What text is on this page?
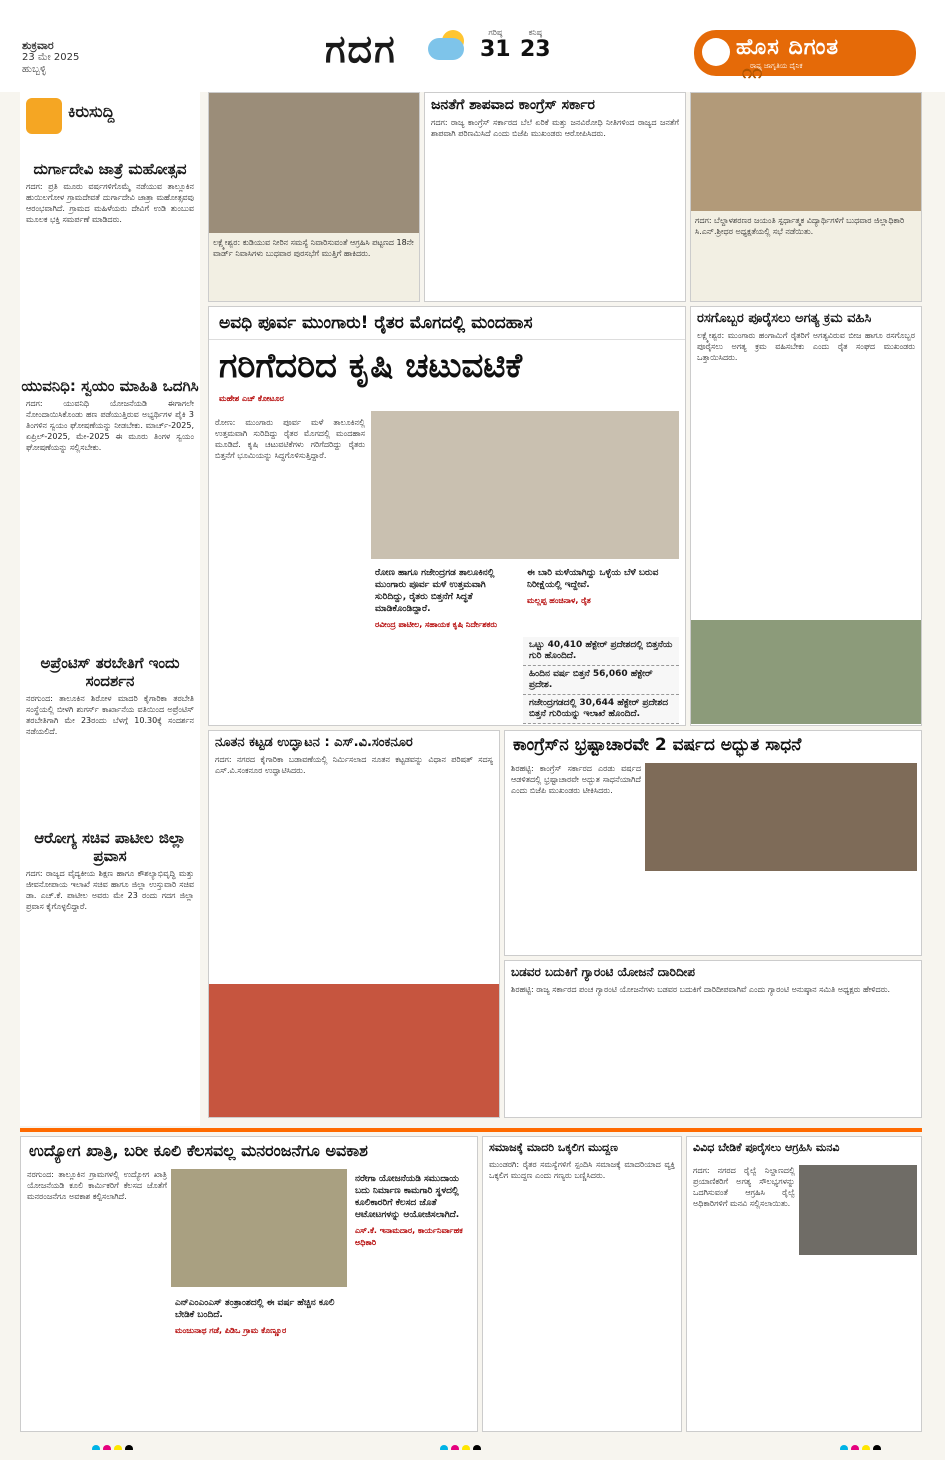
ಶುಕ್ರವಾರ
23 ಮೇ 2025
ಹುಬ್ಬಳ್ಳಿ	ಗದಗ	ಗರಿಷ್ಠ
31
ಕನಿಷ್ಠ
23	ಹೊಸ ದಿಗಂತ
ರಾಷ್ಟ್ರ ಜಾಗೃತಿಯ ದೈನಿಕ
೧೧
ಕಿರುಸುದ್ದಿ
ದುರ್ಗಾದೇವಿ ಜಾತ್ರೆ ಮಹೋತ್ಸವ
ಗದಗ: ಪ್ರತಿ ಮೂರು ವರ್ಷಗಳಿಗೊಮ್ಮೆ ನಡೆಯುವ ತಾಲ್ಲೂಕಿನ ಹುಯಿಲಗೋಳ ಗ್ರಾಮದೇವತೆ ದುರ್ಗಾದೇವಿ ಜಾತ್ರಾ ಮಹೋತ್ಸವವು ಆರಂಭವಾಗಿದೆ. ಗ್ರಾಮದ ಮಹಿಳೆಯರು ದೇವಿಗೆ ಉಡಿ ತುಂಬುವ ಮೂಲಕ ಭಕ್ತಿ ಸಮರ್ಪಣೆ ಮಾಡಿದರು.
ಯುವನಿಧಿ: ಸ್ವಯಂ ಮಾಹಿತಿ ಒದಗಿಸಿ
ಗದಗ: ಯುವನಿಧಿ ಯೋಜನೆಯಡಿ ಈಗಾಗಲೇ ನೋಂದಾಯಿಸಿಕೊಂಡು ಹಣ ಪಡೆಯುತ್ತಿರುವ ಅಭ್ಯರ್ಥಿಗಳ ಪೈಕಿ 3 ತಿಂಗಳಿನ ಸ್ವಯಂ ಘೋಷಣೆಯನ್ನು ನೀಡಬೇಕು. ಮಾರ್ಚ್-2025, ಏಪ್ರಿಲ್-2025, ಮೇ-2025 ಈ ಮೂರು ತಿಂಗಳ ಸ್ವಯಂ ಘೋಷಣೆಯನ್ನು ಸಲ್ಲಿಸಬೇಕು.
ಅಪ್ರೆಂಟಿಸ್ ತರಬೇತಿಗೆ ಇಂದು ಸಂದರ್ಶನ
ನರಗುಂದ: ತಾಲೂಕಿನ ಶಿರೋಳ ಮಾದರಿ ಕೈಗಾರಿಕಾ ತರಬೇತಿ ಸಂಸ್ಥೆಯಲ್ಲಿ ಬೀಳಗಿ ಶುಗರ್ಸ್ ಕಾರ್ಖಾನೆಯ ವತಿಯಿಂದ ಅಪ್ರೆಂಟಿಸ್ ತರಬೇತಿಗಾಗಿ ಮೇ 23ರಂದು ಬೆಳಗ್ಗೆ 10.30ಕ್ಕೆ ಸಂದರ್ಶನ ನಡೆಯಲಿದೆ.
ಆರೋಗ್ಯ ಸಚಿವ ಪಾಟೀಲ ಜಿಲ್ಲಾ ಪ್ರವಾಸ
ಗದಗ: ರಾಜ್ಯದ ವೈದ್ಯಕೀಯ ಶಿಕ್ಷಣ ಹಾಗೂ ಕೌಶಲ್ಯಾಭಿವೃದ್ಧಿ ಮತ್ತು ಜೀವನೋಪಾಯ ಇಲಾಖೆ ಸಚಿವ ಹಾಗೂ ಜಿಲ್ಲಾ ಉಸ್ತುವಾರಿ ಸಚಿವ ಡಾ. ಎಚ್.ಕೆ. ಪಾಟೀಲ ಅವರು ಮೇ 23 ರಂದು ಗದಗ ಜಿಲ್ಲಾ ಪ್ರವಾಸ ಕೈಗೊಳ್ಳಲಿದ್ದಾರೆ.
ಲಕ್ಷ್ಮೇಶ್ವರ: ಕುಡಿಯುವ ನೀರಿನ ಸಮಸ್ಯೆ ನಿವಾರಿಸುವಂತೆ ಆಗ್ರಹಿಸಿ ಪಟ್ಟಣದ 18ನೇ ವಾರ್ಡ್ ನಿವಾಸಿಗಳು ಬುಧವಾರ ಪುರಸಭೆಗೆ ಮುತ್ತಿಗೆ ಹಾಕಿದರು.
ಜನತೆಗೆ ಶಾಪವಾದ ಕಾಂಗ್ರೆಸ್ ಸರ್ಕಾರ
ಗದಗ: ರಾಜ್ಯ ಕಾಂಗ್ರೆಸ್ ಸರ್ಕಾರದ ಬೆಲೆ ಏರಿಕೆ ಮತ್ತು ಜನವಿರೋಧಿ ನೀತಿಗಳಿಂದ ರಾಜ್ಯದ ಜನತೆಗೆ ಶಾಪವಾಗಿ ಪರಿಣಮಿಸಿದೆ ಎಂದು ಬಿಜೆಪಿ ಮುಖಂಡರು ಆರೋಪಿಸಿದರು.
ಗದಗ: ಬೆಲ್ದಾಳಶರಣರ ಜಯಂತಿ ಸ್ಪರ್ಧಾತ್ಮಕ ವಿದ್ಯಾರ್ಥಿಗಳಿಗೆ ಬುಧವಾರ ಜಿಲ್ಲಾಧಿಕಾರಿ ಸಿ.ಎನ್.ಶ್ರೀಧರ ಅಧ್ಯಕ್ಷತೆಯಲ್ಲಿ ಸಭೆ ನಡೆಯಿತು.
ಅವಧಿ ಪೂರ್ವ ಮುಂಗಾರು! ರೈತರ ಮೊಗದಲ್ಲಿ ಮಂದಹಾಸ
ಗರಿಗೆದರಿದ ಕೃಷಿ ಚಟುವಟಿಕೆ
ಮಹೇಶ ಎಚ್ ಕೋಟೂರ
ರೋಣ: ಮುಂಗಾರು ಪೂರ್ವ ಮಳೆ ತಾಲೂಕಿನಲ್ಲಿ ಉತ್ತಮವಾಗಿ ಸುರಿದಿದ್ದು ರೈತರ ಮೊಗದಲ್ಲಿ ಮಂದಹಾಸ ಮೂಡಿದೆ. ಕೃಷಿ ಚಟುವಟಿಕೆಗಳು ಗರಿಗೆದರಿದ್ದು ರೈತರು ಬಿತ್ತನೆಗೆ ಭೂಮಿಯನ್ನು ಸಿದ್ಧಗೊಳಿಸುತ್ತಿದ್ದಾರೆ.
ರೋಣ ಹಾಗೂ ಗಜೇಂದ್ರಗಡ ತಾಲೂಕಿನಲ್ಲಿ ಮುಂಗಾರು ಪೂರ್ವ ಮಳೆ ಉತ್ತಮವಾಗಿ ಸುರಿದಿದ್ದು, ರೈತರು ಬಿತ್ತನೆಗೆ ಸಿದ್ಧತೆ ಮಾಡಿಕೊಂಡಿದ್ದಾರೆ.
ರವೀಂದ್ರ ಪಾಟೀಲ, ಸಹಾಯಕ ಕೃಷಿ ನಿರ್ದೇಶಕರು
ಈ ಬಾರಿ ಮಳೆಯಾಗಿದ್ದು ಒಳ್ಳೆಯ ಬೆಳೆ ಬರುವ ನಿರೀಕ್ಷೆಯಲ್ಲಿ ಇದ್ದೇವೆ.
ಮಲ್ಲಪ್ಪ ಹಂಚಿನಾಳ, ರೈತ
ಒಟ್ಟು 40,410 ಹೆಕ್ಟೇರ್ ಪ್ರದೇಶದಲ್ಲಿ ಬಿತ್ತನೆಯ ಗುರಿ ಹೊಂದಿದೆ.
ಹಿಂದಿನ ವರ್ಷ ಬಿತ್ತನೆ 56,060 ಹೆಕ್ಟೇರ್ ಪ್ರದೇಶ.
ಗಜೇಂದ್ರಗಡದಲ್ಲಿ 30,644 ಹೆಕ್ಟೇರ್ ಪ್ರದೇಶದ ಬಿತ್ತನೆ ಗುರಿಯನ್ನು ಇಲಾಖೆ ಹೊಂದಿದೆ.
ರಸಗೊಬ್ಬರ ಪೂರೈಸಲು ಅಗತ್ಯ ಕ್ರಮ ವಹಿಸಿ
ಲಕ್ಷ್ಮೇಶ್ವರ: ಮುಂಗಾರು ಹಂಗಾಮಿಗೆ ರೈತರಿಗೆ ಅಗತ್ಯವಿರುವ ಬೀಜ ಹಾಗೂ ರಸಗೊಬ್ಬರ ಪೂರೈಸಲು ಅಗತ್ಯ ಕ್ರಮ ವಹಿಸಬೇಕು ಎಂದು ರೈತ ಸಂಘದ ಮುಖಂಡರು ಒತ್ತಾಯಿಸಿದರು.
ನೂತನ ಕಟ್ಟಡ ಉದ್ಘಾಟನ : ಎಸ್.ವಿ.ಸಂಕನೂರ
ಗದಗ: ನಗರದ ಕೈಗಾರಿಕಾ ಬಡಾವಣೆಯಲ್ಲಿ ನಿರ್ಮಿಸಲಾದ ನೂತನ ಕಟ್ಟಡವನ್ನು ವಿಧಾನ ಪರಿಷತ್ ಸದಸ್ಯ ಎಸ್.ವಿ.ಸಂಕನೂರ ಉದ್ಘಾಟಿಸಿದರು.
ಕಾಂಗ್ರೆಸ್‌ನ ಭ್ರಷ್ಟಾಚಾರವೇ 2 ವರ್ಷದ ಅದ್ಭುತ ಸಾಧನೆ
ಶಿರಹಟ್ಟಿ: ಕಾಂಗ್ರೆಸ್ ಸರ್ಕಾರದ ಎರಡು ವರ್ಷದ ಆಡಳಿತದಲ್ಲಿ ಭ್ರಷ್ಟಾಚಾರವೇ ಅದ್ಭುತ ಸಾಧನೆಯಾಗಿದೆ ಎಂದು ಬಿಜೆಪಿ ಮುಖಂಡರು ಟೀಕಿಸಿದರು.
ಬಡವರ ಬದುಕಿಗೆ ಗ್ಯಾರಂಟಿ ಯೋಜನೆ ದಾರಿದೀಪ
ಶಿರಹಟ್ಟಿ: ರಾಜ್ಯ ಸರ್ಕಾರದ ಪಂಚ ಗ್ಯಾರಂಟಿ ಯೋಜನೆಗಳು ಬಡವರ ಬದುಕಿಗೆ ದಾರಿದೀಪವಾಗಿವೆ ಎಂದು ಗ್ಯಾರಂಟಿ ಅನುಷ್ಠಾನ ಸಮಿತಿ ಅಧ್ಯಕ್ಷರು ಹೇಳಿದರು.
ಉದ್ಯೋಗ ಖಾತ್ರಿ, ಬರೀ ಕೂಲಿ ಕೆಲಸವಲ್ಲ ಮನರಂಜನೆಗೂ ಅವಕಾಶ
ನರಗುಂದ: ತಾಲ್ಲೂಕಿನ ಗ್ರಾಮಗಳಲ್ಲಿ ಉದ್ಯೋಗ ಖಾತ್ರಿ ಯೋಜನೆಯಡಿ ಕೂಲಿ ಕಾರ್ಮಿಕರಿಗೆ ಕೆಲಸದ ಜೊತೆಗೆ ಮನರಂಜನೆಗೂ ಅವಕಾಶ ಕಲ್ಪಿಸಲಾಗಿದೆ.
ನರೇಗಾ ಯೋಜನೆಯಡಿ ಸಮುದಾಯ ಬದು ನಿರ್ಮಾಣ ಕಾಮಗಾರಿ ಸ್ಥಳದಲ್ಲಿ ಕೂಲಿಕಾರರಿಗೆ ಕೆಲಸದ ಜೊತೆ ಆಟೋಟಗಳನ್ನು ಆಯೋಜಿಸಲಾಗಿದೆ.
ಎಸ್.ಕೆ. ಇನಾಮದಾರ, ಕಾರ್ಯನಿರ್ವಾಹಕ ಅಧಿಕಾರಿ
ಎನ್‌ಎಂಎಂಎಸ್ ತಂತ್ರಾಂಶದಲ್ಲಿ ಈ ವರ್ಷ ಹೆಚ್ಚಿನ ಕೂಲಿ ಬೇಡಿಕೆ ಬಂದಿದೆ.
ಮಂಜುನಾಥ ಗಡೆ, ಪಿಡಿಒ ಗ್ರಾಮ ಕೊಣ್ಣೂರ
ಸಮಾಜಕ್ಕೆ ಮಾದರಿ ಒಕ್ಕಲಿಗ ಮುದ್ದಣ
ಮುಂಡರಗಿ: ರೈತರ ಸಮಸ್ಯೆಗಳಿಗೆ ಸ್ಪಂದಿಸಿ ಸಮಾಜಕ್ಕೆ ಮಾದರಿಯಾದ ವ್ಯಕ್ತಿ ಒಕ್ಕಲಿಗ ಮುದ್ದಣ ಎಂದು ಗಣ್ಯರು ಬಣ್ಣಿಸಿದರು.
ವಿವಿಧ ಬೇಡಿಕೆ ಪೂರೈಸಲು ಆಗ್ರಹಿಸಿ ಮನವಿ
ಗದಗ: ನಗರದ ರೈಲ್ವೆ ನಿಲ್ದಾಣದಲ್ಲಿ ಪ್ರಯಾಣಿಕರಿಗೆ ಅಗತ್ಯ ಸೌಲಭ್ಯಗಳನ್ನು ಒದಗಿಸುವಂತೆ ಆಗ್ರಹಿಸಿ ರೈಲ್ವೆ ಅಧಿಕಾರಿಗಳಿಗೆ ಮನವಿ ಸಲ್ಲಿಸಲಾಯಿತು.
